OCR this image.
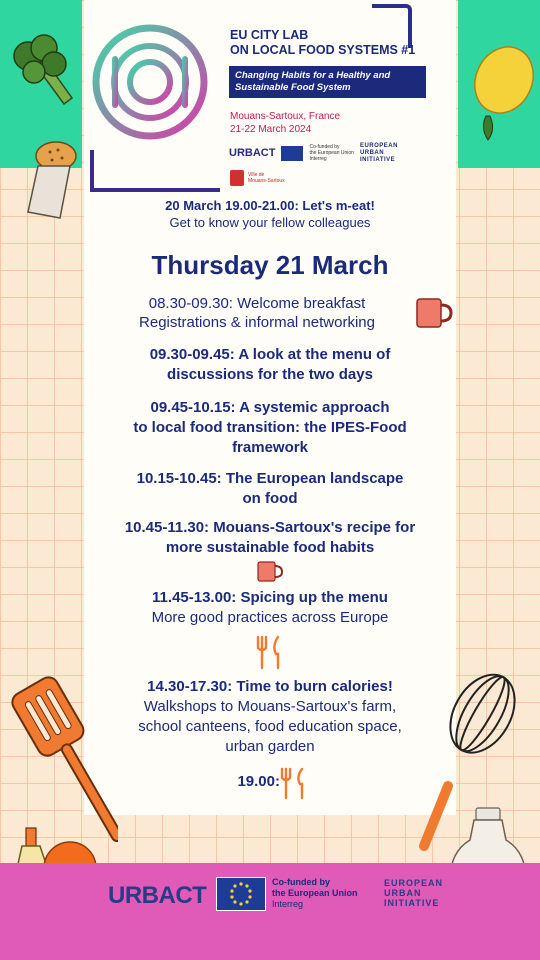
EU CITY LAB
ON LOCAL FOOD SYSTEMS #1
Changing Habits for a Healthy and
Sustainable Food System
Mouans-Sartoux, France
21-22 March 2024
URBACT	Co-funded by
the European Union
Interreg
EUROPEAN
URBAN
INITIATIVE
Ville de
Mouans-Sartoux
20 March 19.00-21.00: Let's m-eat!
Get to know your fellow colleagues
Thursday 21 March
08.30-09.30: Welcome breakfast
Registrations & informal networking
09.30-09.45: A look at the menu of
discussions for the two days
09.45-10.15: A systemic approach
to local food transition: the IPES-Food
framework
10.15-10.45: The European landscape
on food
10.45-11.30: Mouans-Sartoux's recipe for
more sustainable food habits
11.45-13.00: Spicing up the menu
More good practices across Europe
14.30-17.30: Time to burn calories!
Walkshops to Mouans-Sartoux's farm,
school canteens, food education space,
urban garden
19.00:
URBACT	Co-funded by
the European Union
Interreg
EUROPEAN
URBAN
INITIATIVE
